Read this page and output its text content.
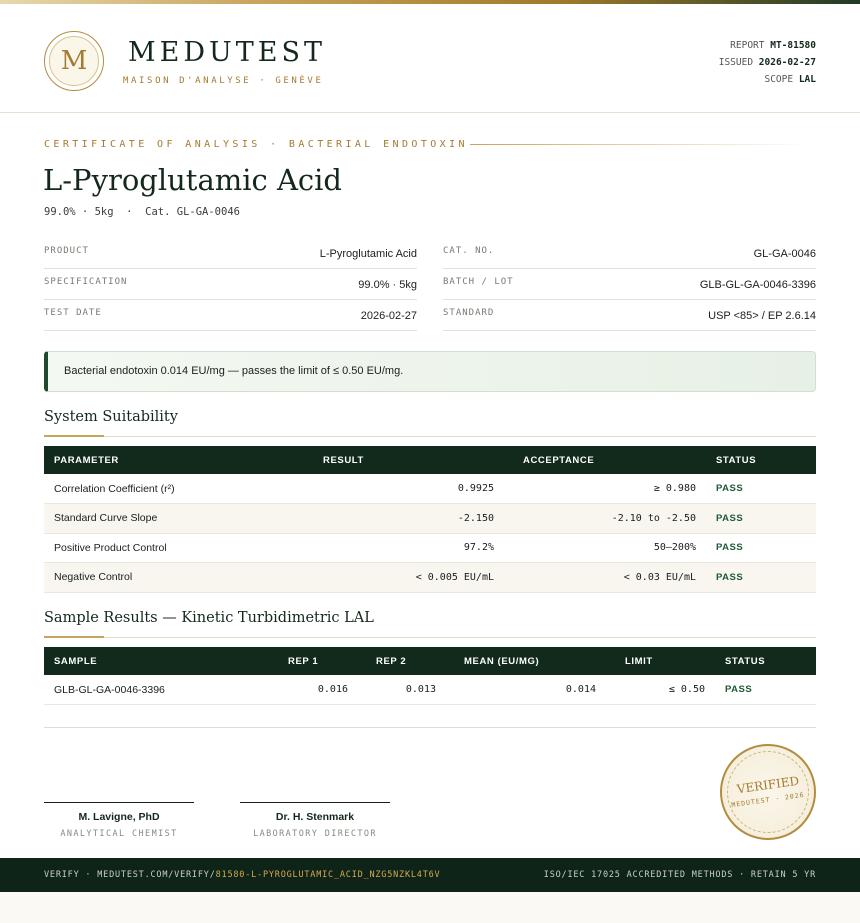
M	MEDUTEST
MAISON D'ANALYSE · GENÈVE
REPORT MT-81580
ISSUED 2026-02-27
SCOPE LAL
CERTIFICATE OF ANALYSIS · BACTERIAL ENDOTOXIN
L-Pyroglutamic Acid
99.0% · 5kg  ·  Cat. GL-GA-0046
PRODUCT	L-Pyroglutamic Acid
SPECIFICATION	99.0% · 5kg
TEST DATE	2026-02-27
CAT. NO.	GL-GA-0046
BATCH / LOT	GLB-GL-GA-0046-3396
STANDARD	USP <85> / EP 2.6.14
Bacterial endotoxin 0.014 EU/mg — passes the limit of ≤ 0.50 EU/mg.
System Suitability
PARAMETER	RESULT	ACCEPTANCE	STATUS
Correlation Coefficient (r²)	0.9925	≥ 0.980	PASS
Standard Curve Slope	-2.150	-2.10 to -2.50	PASS
Positive Product Control	97.2%	50–200%	PASS
Negative Control	< 0.005 EU/mL	< 0.03 EU/mL	PASS
Sample Results — Kinetic Turbidimetric LAL
SAMPLE	REP 1	REP 2	MEAN (EU/MG)	LIMIT	STATUS
GLB-GL-GA-0046-3396	0.016	0.013	0.014	≤ 0.50	PASS
M. Lavigne, PhD
ANALYTICAL CHEMIST
Dr. H. Stenmark
LABORATORY DIRECTOR
VERIFIED
MEDUTEST · 2026
VERIFY · MEDUTEST.COM/VERIFY/81580-L-PYROGLUTAMIC_ACID_NZG5NZKL4T6V	ISO/IEC 17025 ACCREDITED METHODS · RETAIN 5 YR
